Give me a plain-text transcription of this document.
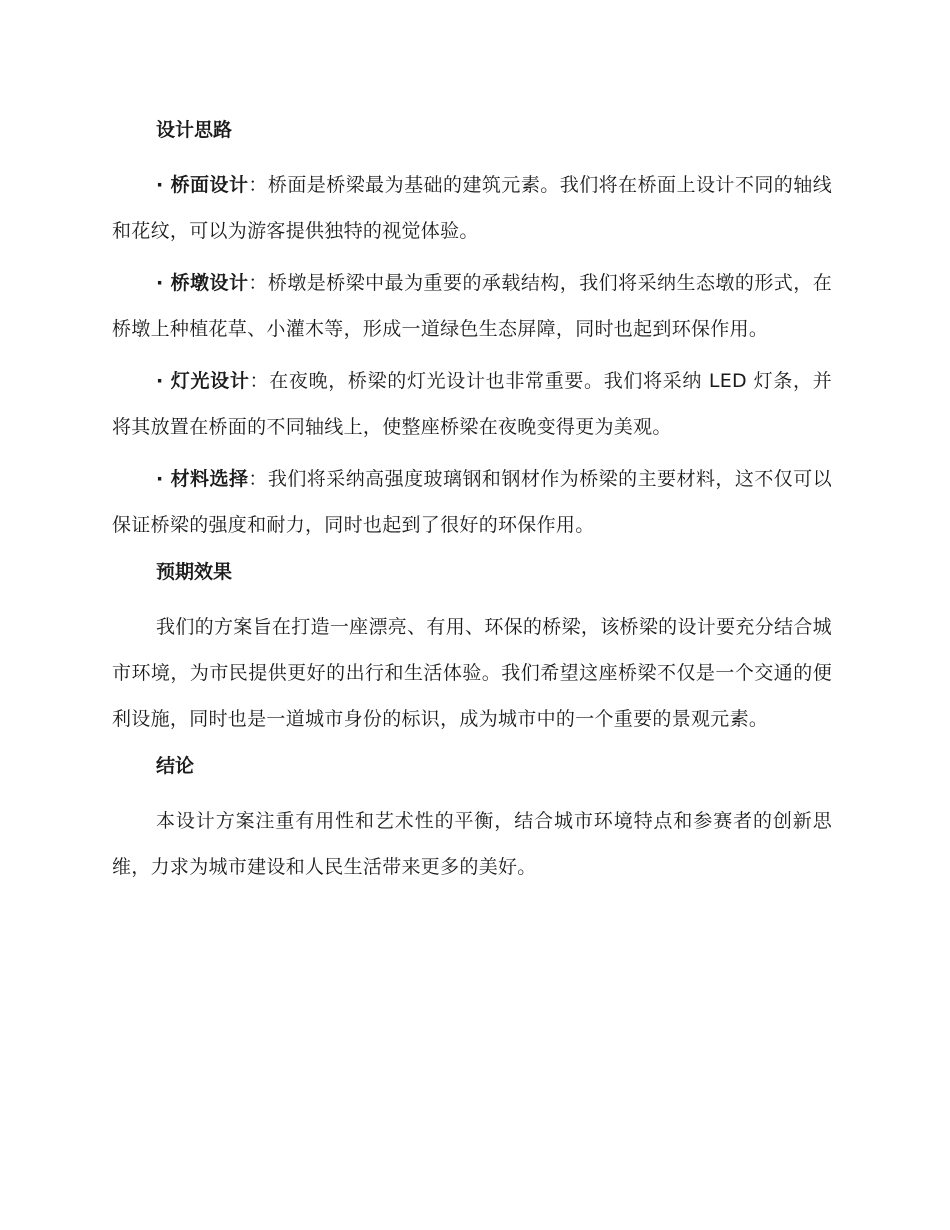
设计思路

· 桥面设计：桥面是桥梁最为基础的建筑元素。我们将在桥面上设计不同的轴线和花纹，可以为游客提供独特的视觉体验。

· 桥墩设计：桥墩是桥梁中最为重要的承载结构，我们将采纳生态墩的形式，在桥墩上种植花草、小灌木等，形成一道绿色生态屏障，同时也起到环保作用。

· 灯光设计：在夜晚，桥梁的灯光设计也非常重要。我们将采纳 LED 灯条，并将其放置在桥面的不同轴线上，使整座桥梁在夜晚变得更为美观。

· 材料选择：我们将采纳高强度玻璃钢和钢材作为桥梁的主要材料，这不仅可以保证桥梁的强度和耐力，同时也起到了很好的环保作用。

预期效果

我们的方案旨在打造一座漂亮、有用、环保的桥梁，该桥梁的设计要充分结合城市环境，为市民提供更好的出行和生活体验。我们希望这座桥梁不仅是一个交通的便利设施，同时也是一道城市身份的标识，成为城市中的一个重要的景观元素。

结论

本设计方案注重有用性和艺术性的平衡，结合城市环境特点和参赛者的创新思维，力求为城市建设和人民生活带来更多的美好。
